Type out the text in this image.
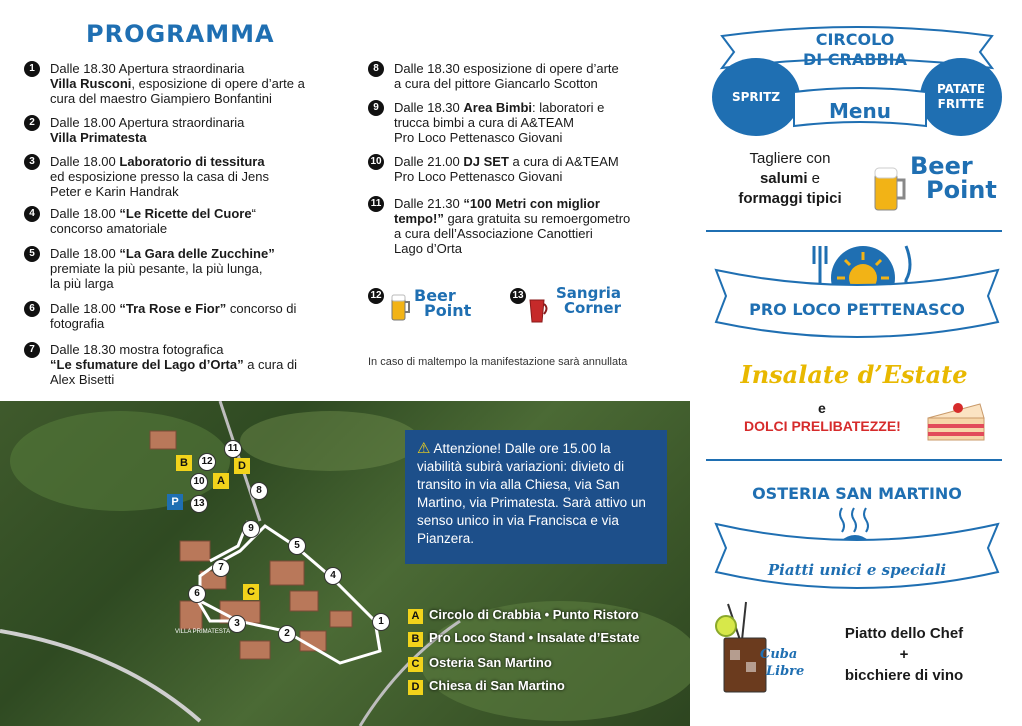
PROGRAMMA
1	Dalle 18.30 Apertura straordinaria
Villa Rusconi, esposizione di opere d’arte a
cura del maestro Giampiero Bonfantini
2	Dalle 18.00 Apertura straordinaria
Villa Primatesta
3	Dalle 18.00 Laboratorio di tessitura
ed esposizione presso la casa di Jens
Peter e Karin Handrak
4	Dalle 18.00 “Le Ricette del Cuore“
concorso amatoriale
5	Dalle 18.00 “La Gara delle Zucchine”
premiate la più pesante, la più lunga,
la più larga
6	Dalle 18.00 “Tra Rose e Fior” concorso di
fotografia
7	Dalle 18.30 mostra fotografica
“Le sfumature del Lago d’Orta” a cura di
Alex Bisetti
8	Dalle 18.30 esposizione di opere d’arte
a cura del pittore Giancarlo Scotton
9	Dalle 18.30 Area Bimbi: laboratori e
trucca bimbi a cura di A&TEAM
Pro Loco Pettenasco Giovani
10 Dalle 21.00 DJ SET a cura di A&TEAM
Pro Loco Pettenasco Giovani
11 Dalle 21.30 “100 Metri con miglior
tempo!” gara gratuita su remoergometro
a cura dell’Associazione Canottieri
Lago d’Orta
12 Beer
Point
13 Sangria
Corner
In caso di maltempo la manifestazione sarà annullata
VILLA PRIMATESTA
11
12
B	D
10	A
8
P	13
9
5
7
4
C
6
3	1
2
⚠ Attenzione! Dalle ore 15.00 la viabilità subirà variazioni: divieto di transito in via alla Chiesa, via San Martino, via Primatesta. Sarà attivo un senso unico in via Francisca e via Pianzera.
A Circolo di Crabbia • Punto Ristoro
B Pro Loco Stand • Insalate d’Estate
C Osteria San Martino
D Chiesa di San Martino
CIRCOLO
DI CRABBIA
SPRITZ
PATATE
FRITTE
Menu
Tagliere con
salumi e
formaggi tipici
Beer
Point
PRO LOCO PETTENASCO
Insalate d’Estate
e
DOLCI PRELIBATEZZE!
OSTERIA SAN MARTINO
Piatti unici e speciali
Cuba
Libre
Piatto dello Chef
+
bicchiere di vino
